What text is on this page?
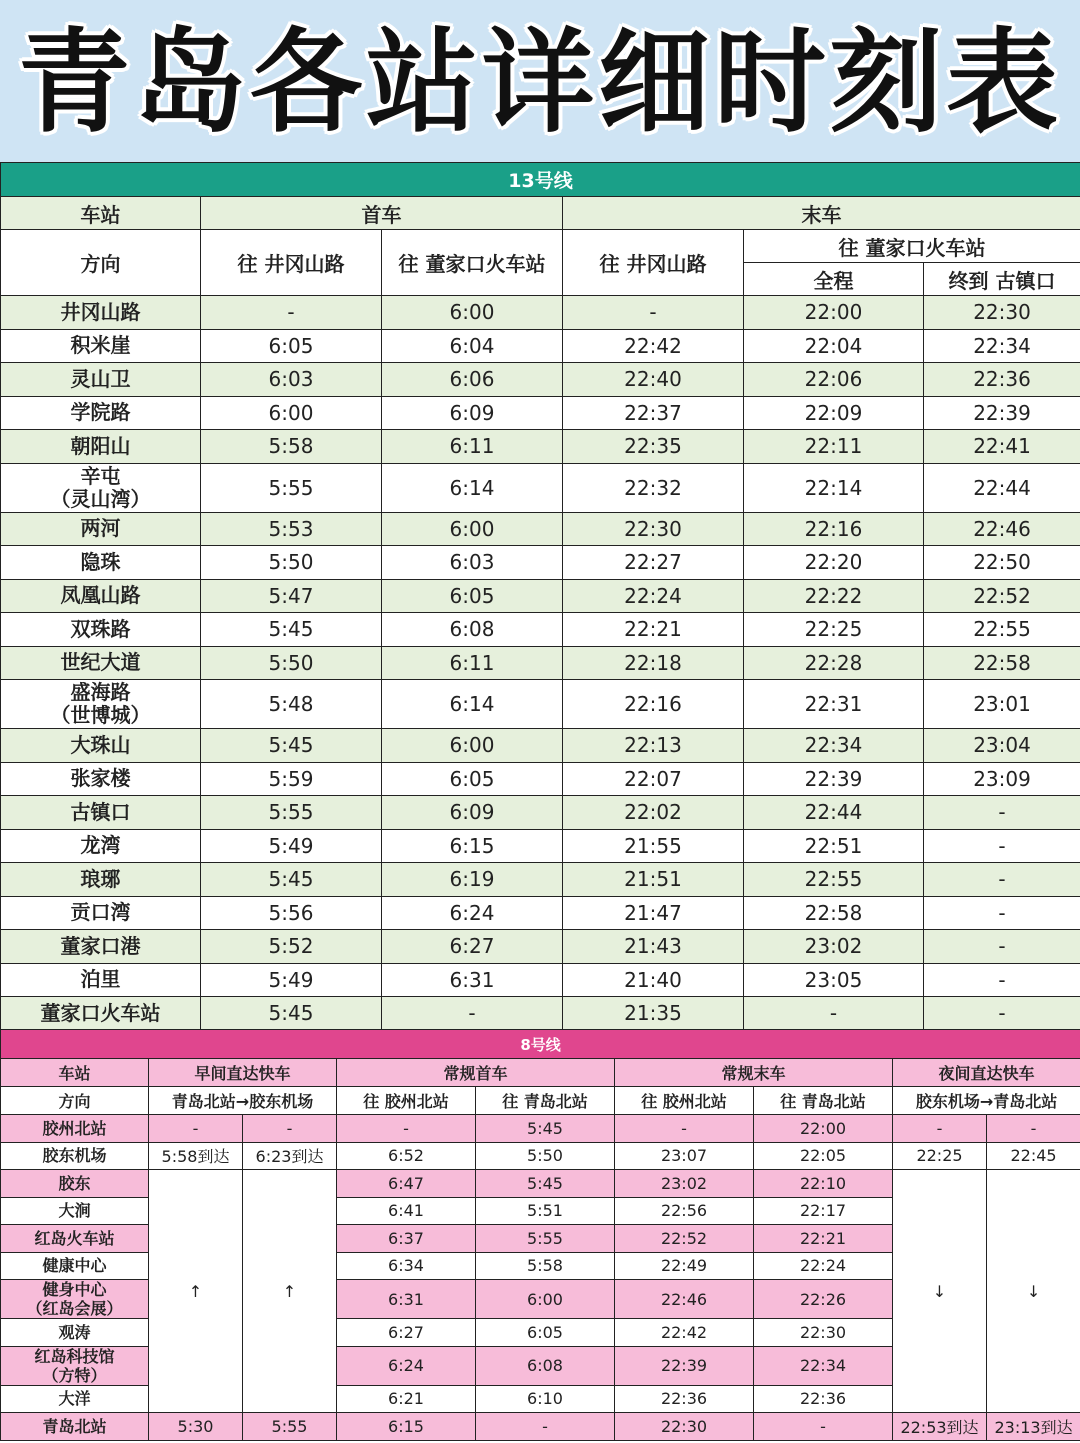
青岛各站详细时刻表
13号线					
车站	首车		末车		
方向	往 井冈山路	往 董家口火车站	往 井冈山路	往 董家口火车站	
				全程	终到 古镇口

井冈山路	-	6:00	-	22:00	22:30

积米崖	6:05	6:04	22:42	22:04	22:34

灵山卫	6:03	6:06	22:40	22:06	22:36

学院路	6:00	6:09	22:37	22:09	22:39

朝阳山	5:58	6:11	22:35	22:11	22:41

辛屯
（灵山湾）	5:55	6:14	22:32	22:14	22:44

两河	5:53	6:00	22:30	22:16	22:46

隐珠	5:50	6:03	22:27	22:20	22:50

凤凰山路	5:47	6:05	22:24	22:22	22:52

双珠路	5:45	6:08	22:21	22:25	22:55

世纪大道	5:50	6:11	22:18	22:28	22:58

盛海路
（世博城）	5:48	6:14	22:16	22:31	23:01

大珠山	5:45	6:00	22:13	22:34	23:04

张家楼	5:59	6:05	22:07	22:39	23:09

古镇口	5:55	6:09	22:02	22:44	-

龙湾	5:49	6:15	21:55	22:51	-

琅琊	5:45	6:19	21:51	22:55	-

贡口湾	5:56	6:24	21:47	22:58	-

董家口港	5:52	6:27	21:43	23:02	-

泊里	5:49	6:31	21:40	23:05	-

董家口火车站	5:45	-	21:35	-	-
8号线								
车站	早间直达快车		常规首车		常规末车		夜间直达快车	
方向	青岛北站→胶东机场		往 胶州北站	往 青岛北站	往 胶州北站	往 青岛北站	胶东机场→青岛北站	

胶州北站	-	-	-	5:45	-	22:00	-	-

胶东机场	5:58到达	6:23到达	6:52	5:50	23:07	22:05	22:25	22:45

胶东	↑	↑	6:47	5:45	23:02	22:10	↓	↓

大涧			6:41	5:51	22:56	22:17		

红岛火车站			6:37	5:55	22:52	22:21		

健康中心			6:34	5:58	22:49	22:24		

健身中心
（红岛会展）			6:31	6:00	22:46	22:26		

观涛			6:27	6:05	22:42	22:30		

红岛科技馆
（方特）			6:24	6:08	22:39	22:34		

大洋			6:21	6:10	22:36	22:36		

青岛北站	5:30	5:55	6:15	-	22:30	-	22:53到达	23:13到达
